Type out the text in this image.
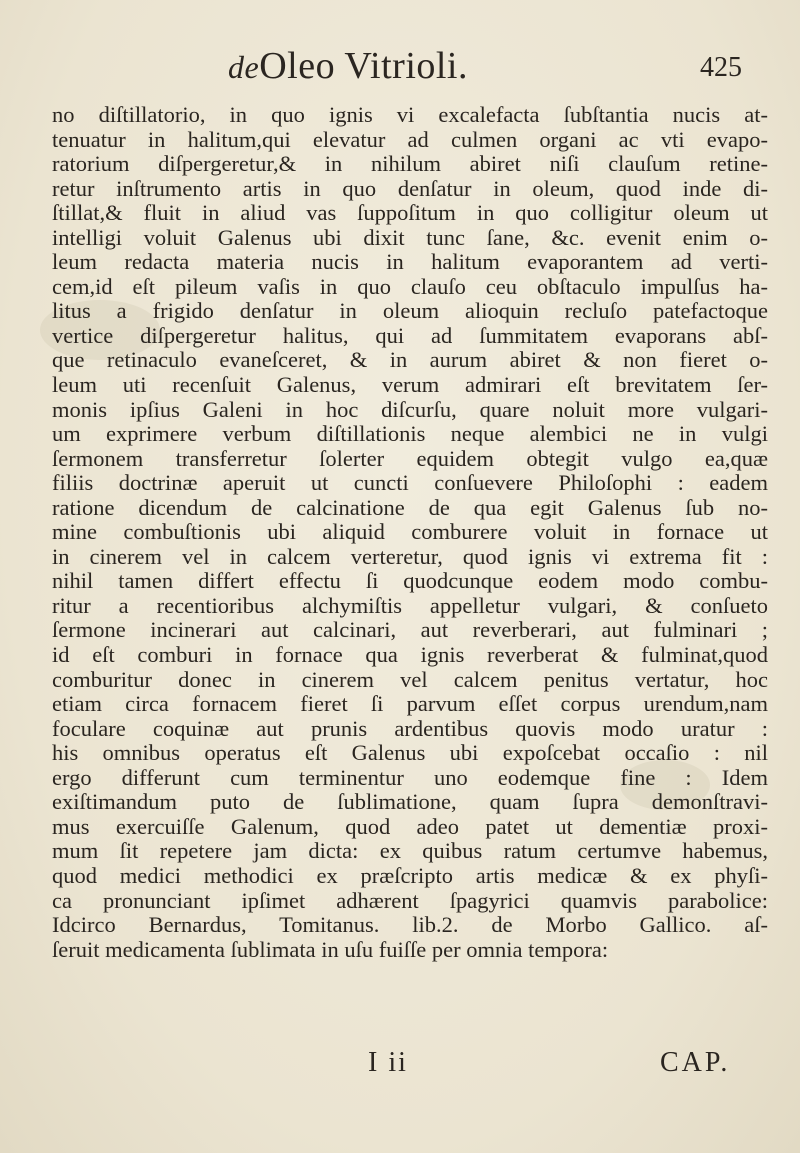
deOleo Vitrioli.	425
no diſtillatorio, in quo ignis vi excalefacta ſubſtantia nucis at-
tenuatur in halitum,qui elevatur ad culmen organi ac vti evapo-
ratorium diſpergeretur,& in nihilum abiret niſi clauſum retine-
retur inſtrumento artis in quo denſatur in oleum, quod inde di-
ſtillat,& fluit in aliud vas ſuppoſitum in quo colligitur oleum ut
intelligi voluit Galenus ubi dixit tunc ſane, &c. evenit enim o-
leum redacta materia nucis in halitum evaporantem ad verti-
cem,id eſt pileum vaſis in quo clauſo ceu obſtaculo impulſus ha-
litus a frigido denſatur in oleum alioquin recluſo patefactoque
vertice diſpergeretur halitus, qui ad ſummitatem evaporans abſ-
que retinaculo evaneſceret, & in aurum abiret & non fieret o-
leum uti recenſuit Galenus, verum admirari eſt brevitatem ſer-
monis ipſius Galeni in hoc diſcurſu, quare noluit more vulgari-
um exprimere verbum diſtillationis neque alembici ne in vulgi
ſermonem transferretur ſolerter equidem obtegit vulgo ea,quæ
filiis doctrinæ aperuit ut cuncti conſuevere Philoſophi : eadem
ratione dicendum de calcinatione de qua egit Galenus ſub no-
mine combuſtionis ubi aliquid comburere voluit in fornace ut
in cinerem vel in calcem verteretur, quod ignis vi extrema fit :
nihil tamen differt effectu ſi quodcunque eodem modo combu-
ritur a recentioribus alchymiſtis appelletur vulgari, & conſueto
ſermone incinerari aut calcinari, aut reverberari, aut fulminari ;
id eſt comburi in fornace qua ignis reverberat & fulminat,quod
comburitur donec in cinerem vel calcem penitus vertatur, hoc
etiam circa fornacem fieret ſi parvum eſſet corpus urendum,nam
foculare coquinæ aut prunis ardentibus quovis modo uratur :
his omnibus operatus eſt Galenus ubi expoſcebat occaſio : nil
ergo differunt cum terminentur uno eodemque fine : Idem
exiſtimandum puto de ſublimatione, quam ſupra demonſtravi-
mus exercuiſſe Galenum, quod adeo patet ut dementiæ proxi-
mum ſit repetere jam dicta: ex quibus ratum certumve habemus,
quod medici methodici ex præſcripto artis medicæ & ex phyſi-
ca pronunciant ipſimet adhærent ſpagyrici quamvis parabolice:
Idcirco Bernardus, Tomitanus. lib.2. de Morbo Gallico. aſ-
ſeruit medicamenta ſublimata in uſu fuiſſe per omnia tempora:
I ii	CAP.
